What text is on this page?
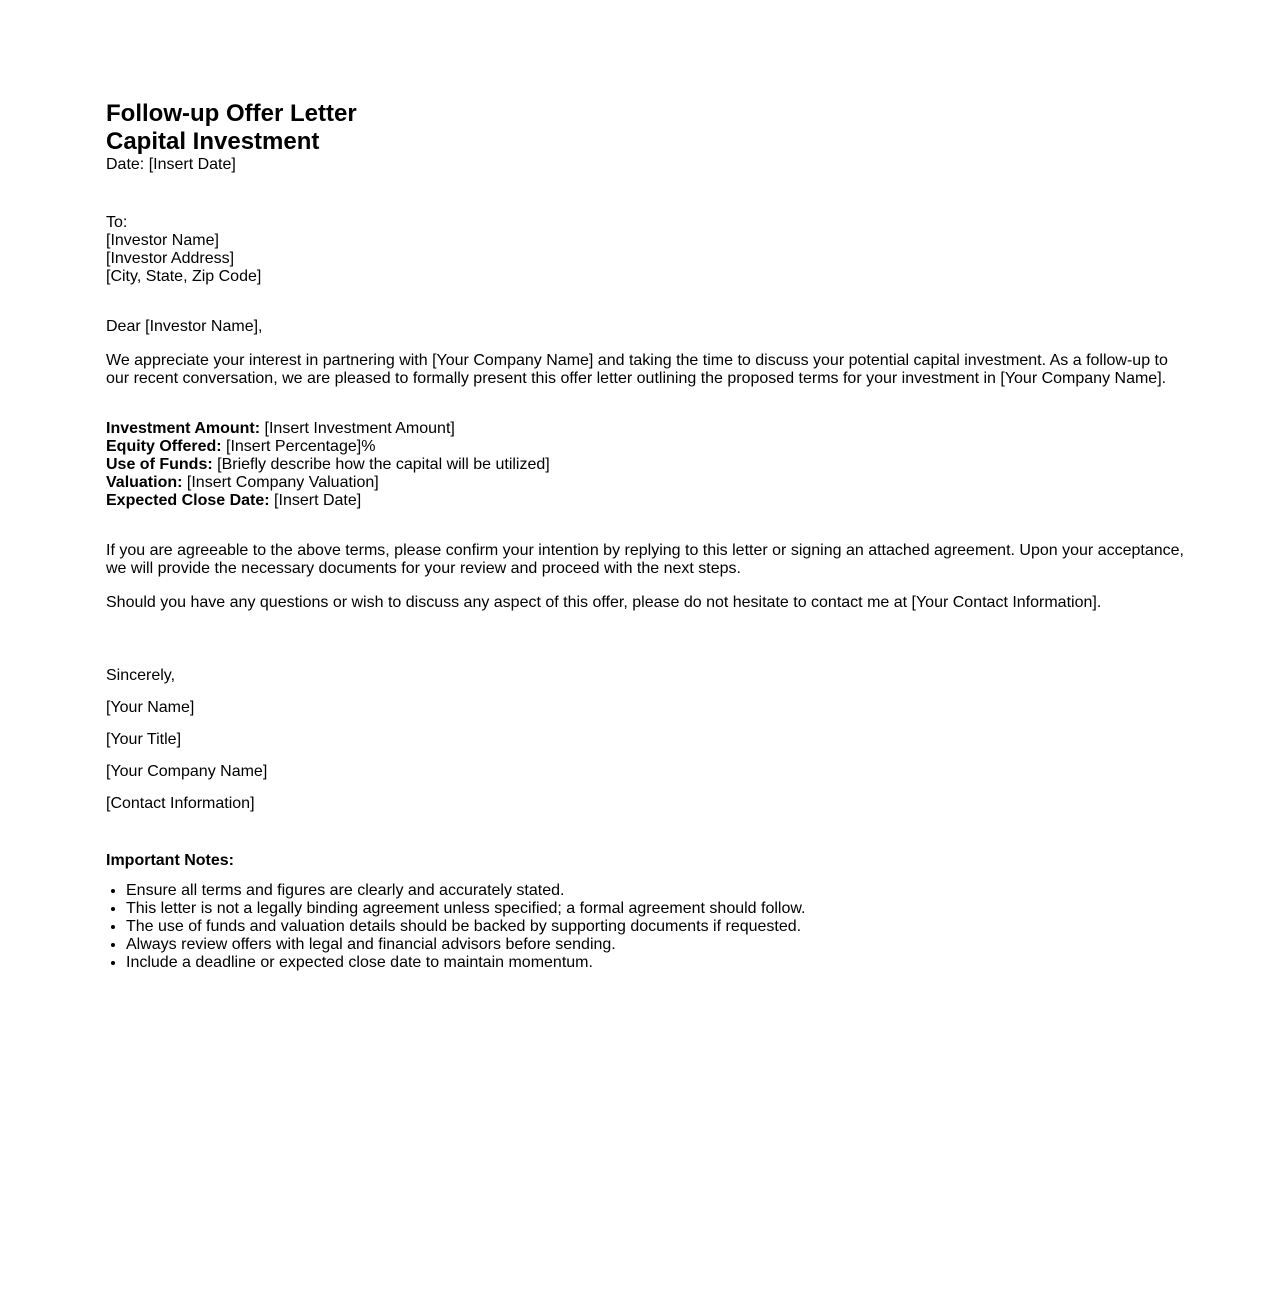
Follow-up Offer Letter
Capital Investment
Date: [Insert Date]
To:
[Investor Name]
[Investor Address]
[City, State, Zip Code]
Dear [Investor Name],

We appreciate your interest in partnering with [Your Company Name] and taking the time to discuss your potential capital investment. As a follow-up to our recent conversation, we are pleased to formally present this offer letter outlining the proposed terms for your investment in [Your Company Name].

Investment Amount: [Insert Investment Amount]
Equity Offered: [Insert Percentage]%
Use of Funds: [Briefly describe how the capital will be utilized]
Valuation: [Insert Company Valuation]
Expected Close Date: [Insert Date]

If you are agreeable to the above terms, please confirm your intention by replying to this letter or signing an attached agreement. Upon your acceptance, we will provide the necessary documents for your review and proceed with the next steps.

Should you have any questions or wish to discuss any aspect of this offer, please do not hesitate to contact me at [Your Contact Information].

Sincerely,
[Your Name]
[Your Title]
[Your Company Name]
[Contact Information]
Important Notes:
• Ensure all terms and figures are clearly and accurately stated.
• This letter is not a legally binding agreement unless specified; a formal agreement should follow.
• The use of funds and valuation details should be backed by supporting documents if requested.
• Always review offers with legal and financial advisors before sending.
• Include a deadline or expected close date to maintain momentum.
